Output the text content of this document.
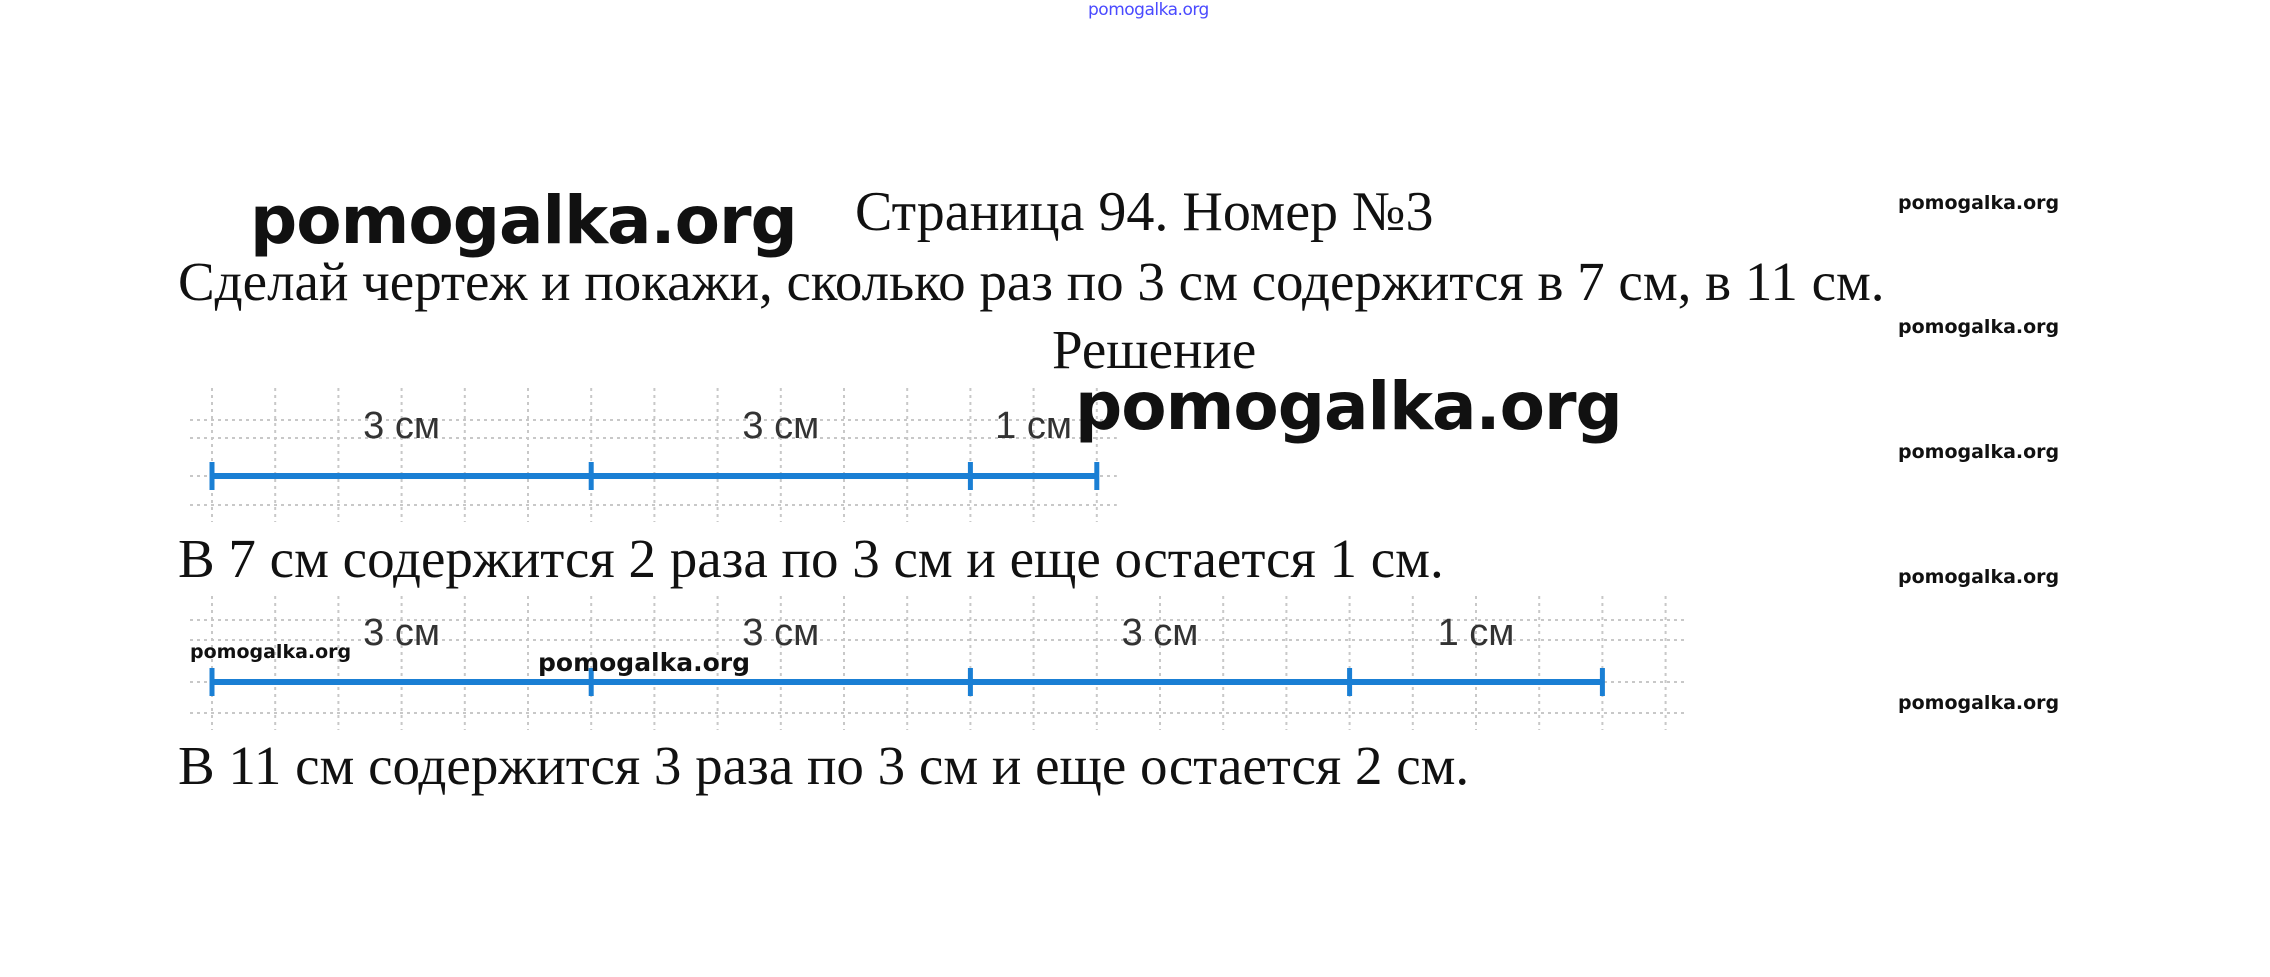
pomogalka.org
pomogalka.org Страница 94. Номер №3	pomogalka.org
Сделай чертеж и покажи, сколько раз по 3 см содержится в 7 см, в 11 см.
pomogalka.org
Решение
3 см	3 см	1 см pomogalka.org
pomogalka.org
В 7 см содержится 2 раза по 3 см и еще остается 1 см.	pomogalka.org
3 см	3 см	3 см	1 см
pomogalka.org	pomogalka.org
pomogalka.org
В 11 см содержится 3 раза по 3 см и еще остается 2 см.
